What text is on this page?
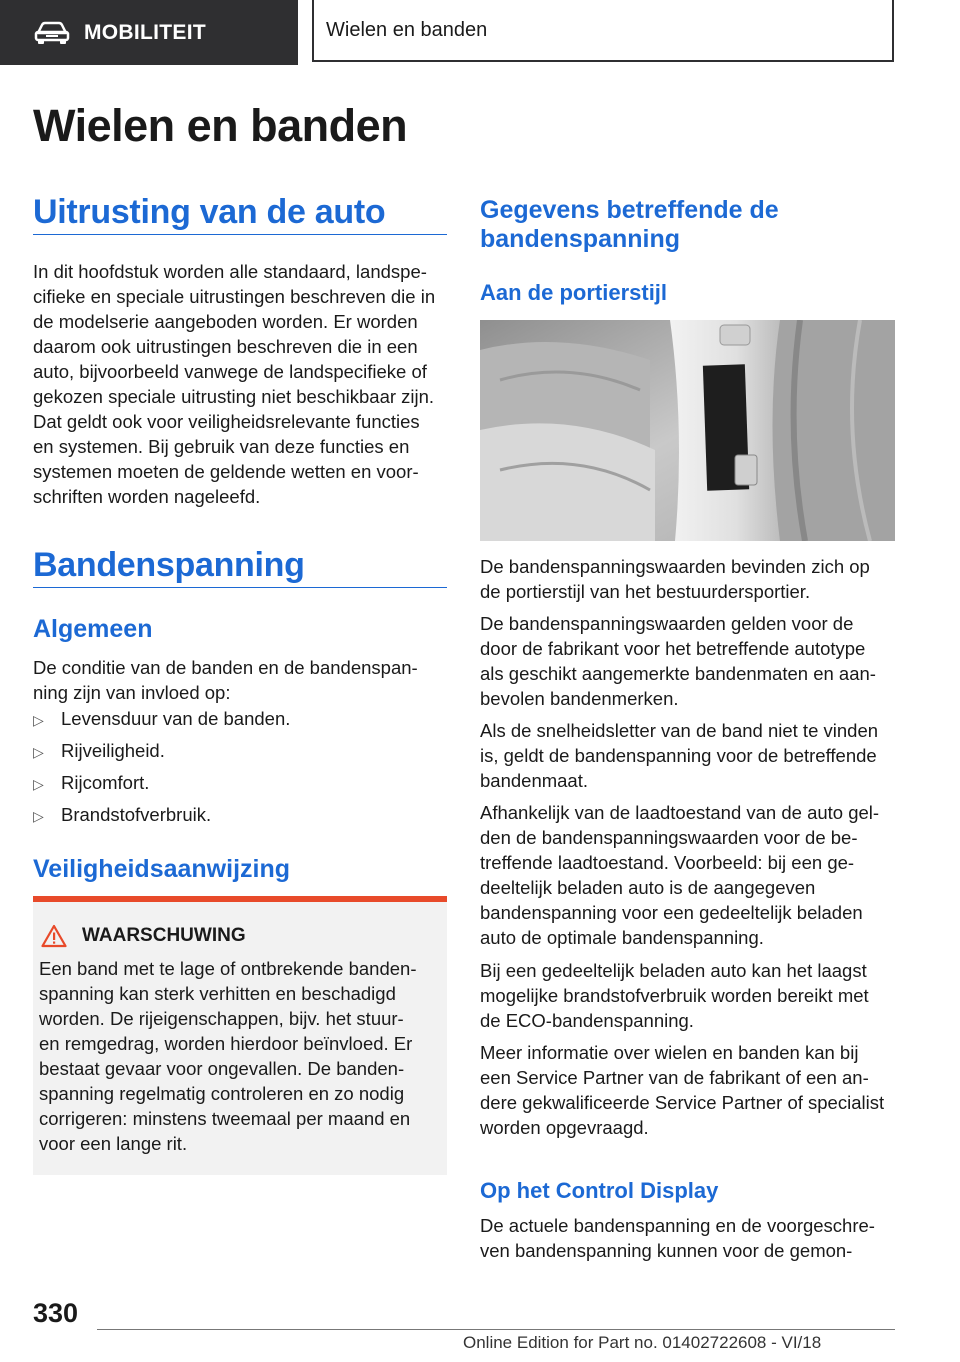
MOBILITEIT	Wielen en banden
Wielen en banden
Uitrusting van de auto

In dit hoofdstuk worden alle standaard, landspe-
cifieke en speciale uitrustingen beschreven die in
de modelserie aangeboden worden. Er worden
daarom ook uitrustingen beschreven die in een
auto, bijvoorbeeld vanwege de landspecifieke of
gekozen speciale uitrusting niet beschikbaar zijn.
Dat geldt ook voor veiligheidsrelevante functies
en systemen. Bij gebruik van deze functies en
systemen moeten de geldende wetten en voor-
schriften worden nageleefd.

Bandenspanning
Algemeen

De conditie van de banden en de bandenspan-
ning zijn van invloed op:

▷ Levensduur van de banden.
▷ Rijveiligheid.
▷ Rijcomfort.
▷ Brandstofverbruik.
Veiligheidsaanwijzing
WAARSCHUWING

Een band met te lage of ontbrekende banden-
spanning kan sterk verhitten en beschadigd
worden. De rijeigenschappen, bijv. het stuur-
en remgedrag, worden hierdoor beïnvloed. Er
bestaat gevaar voor ongevallen. De banden-
spanning regelmatig controleren en zo nodig
corrigeren: minstens tweemaal per maand en
voor een lange rit.

Gegevens betreffende de
bandenspanning
Aan de portierstijl

De bandenspanningswaarden bevinden zich op
de portierstijl van het bestuurdersportier.

De bandenspanningswaarden gelden voor de
door de fabrikant voor het betreffende autotype
als geschikt aangemerkte bandenmaten en aan-
bevolen bandenmerken.

Als de snelheidsletter van de band niet te vinden
is, geldt de bandenspanning voor de betreffende
bandenmaat.

Afhankelijk van de laadtoestand van de auto gel-
den de bandenspanningswaarden voor de be-
treffende laadtoestand. Voorbeeld: bij een ge-
deeltelijk beladen auto is de aangegeven
bandenspanning voor een gedeeltelijk beladen
auto de optimale bandenspanning.

Bij een gedeeltelijk beladen auto kan het laagst
mogelijke brandstofverbruik worden bereikt met
de ECO-bandenspanning.

Meer informatie over wielen en banden kan bij
een Service Partner van de fabrikant of een an-
dere gekwalificeerde Service Partner of specialist
worden opgevraagd.

Op het Control Display

De actuele bandenspanning en de voorgeschre-
ven bandenspanning kunnen voor de gemon-

330
Online Edition for Part no. 01402722608 - VI/18
